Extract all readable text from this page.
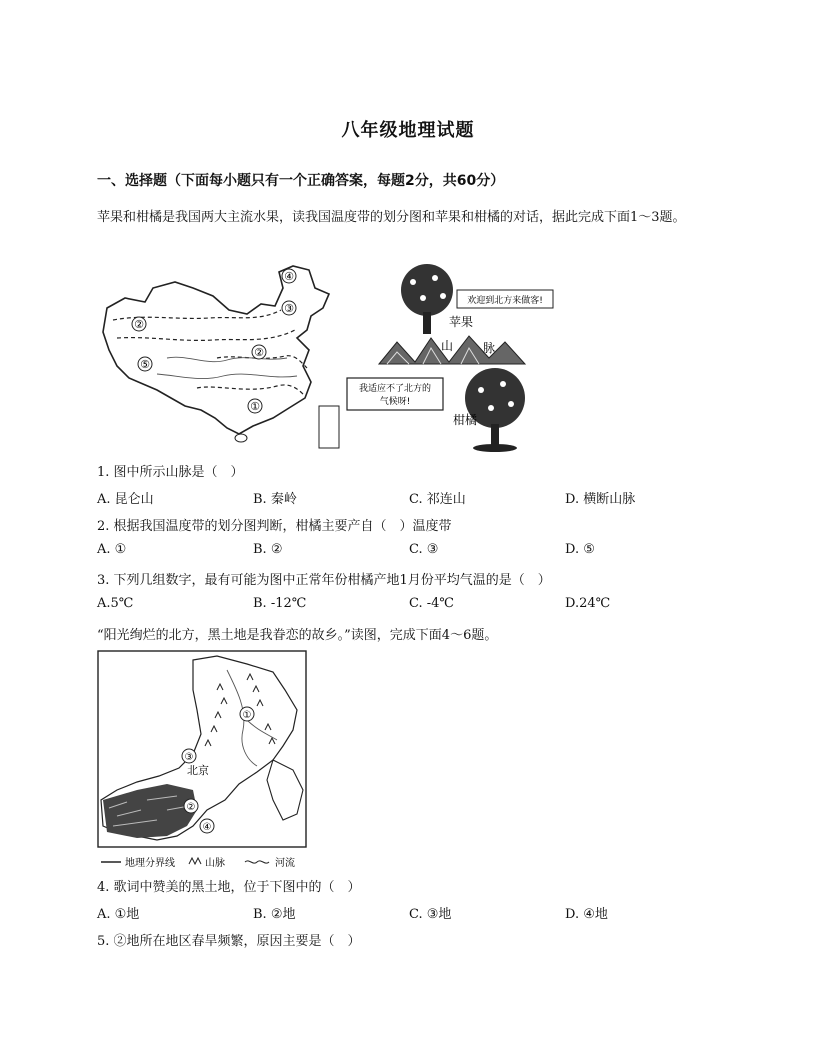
八年级地理试题
一、选择题（下面每小题只有一个正确答案，每题2分，共60分）
苹果和柑橘是我国两大主流水果，读我国温度带的划分图和苹果和柑橘的对话，据此完成下面1～3题。
④
③
②
②
⑤
①
欢迎到北方来做客!
苹果
山 脉
我适应不了北方的
气候呀!
柑橘
1. 图中所示山脉是（　）
A. 昆仑山	B. 秦岭	C. 祁连山	D. 横断山脉
2. 根据我国温度带的划分图判断，柑橘主要产自（　）温度带
A. ①	B. ②	C. ③	D. ⑤
3. 下列几组数字，最有可能为图中正常年份柑橘产地1月份平均气温的是（　）
A.5℃	B. -12℃	C. -4℃	D.24℃
“阳光绚烂的北方，黑土地是我眷恋的故乡。”读图，完成下面4～6题。
①
③
②
④
北京
地理分界线	山脉	河流
4. 歌词中赞美的黑土地，位于下图中的（　）
A. ①地	B. ②地	C. ③地	D. ④地
5. ②地所在地区春旱频繁，原因主要是（　）
